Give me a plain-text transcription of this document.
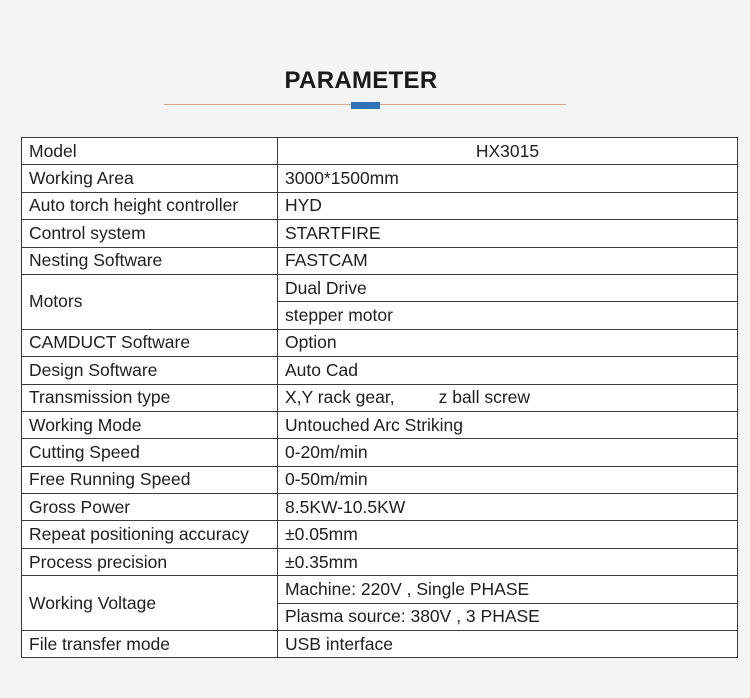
PARAMETER
Model	HX3015
Working Area	3000*1500mm
Auto torch height controller	HYD
Control system	STARTFIRE
Nesting Software	FASTCAM
Motors	Dual Drive
	stepper motor
CAMDUCT Software	Option
Design Software	Auto Cad
Transmission type	X,Y rack gear, z ball screw
Working Mode	Untouched Arc Striking
Cutting Speed	0-20m/min
Free Running Speed	0-50m/min
Gross Power	8.5KW-10.5KW
Repeat positioning accuracy	±0.05mm
Process precision	±0.35mm
Working Voltage	Machine: 220V , Single PHASE
	Plasma source: 380V , 3 PHASE
File transfer mode	USB interface
